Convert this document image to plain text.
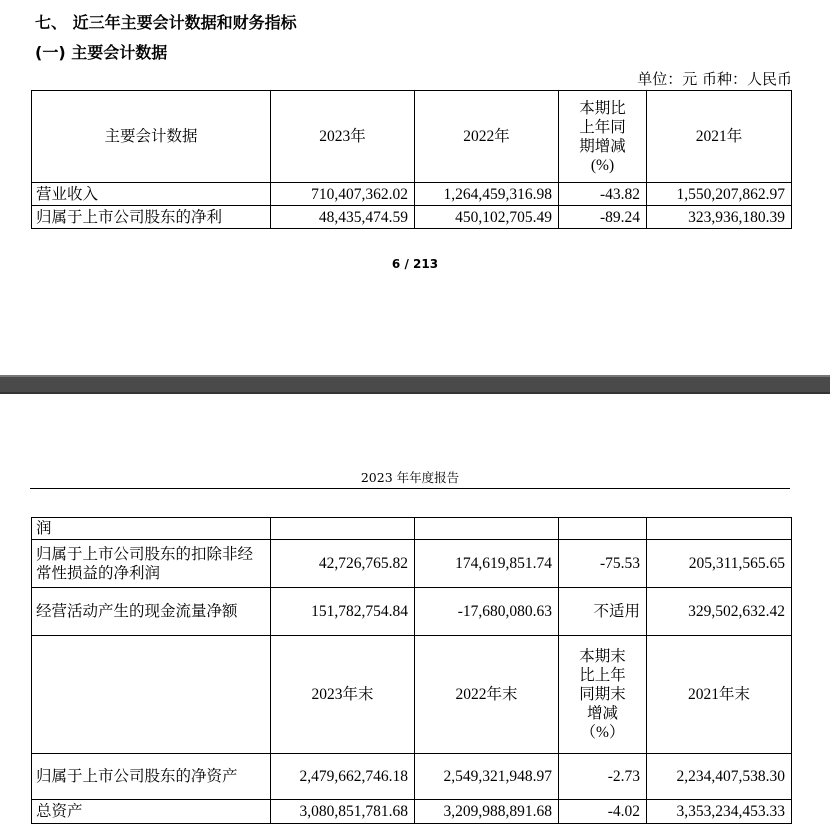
七、 近三年主要会计数据和财务指标
(一) 主要会计数据
单位：元 币种：人民币
主要会计数据	2023年	2022年	本期比上年同期增减(%)	2021年
营业收入	710,407,362.02	1,264,459,316.98	-43.82	1,550,207,862.97
归属于上市公司股东的净利	48,435,474.59	450,102,705.49	-89.24	323,936,180.39
6 / 213
2023 年年度报告
润				
归属于上市公司股东的扣除非经常性损益的净利润	42,726,765.82	174,619,851.74	-75.53	205,311,565.65
经营活动产生的现金流量净额	151,782,754.84	-17,680,080.63	不适用	329,502,632.42
	2023年末	2022年末	本期末比上年同期末增减（%）	2021年末
归属于上市公司股东的净资产	2,479,662,746.18	2,549,321,948.97	-2.73	2,234,407,538.30
总资产	3,080,851,781.68	3,209,988,891.68	-4.02	3,353,234,453.33
